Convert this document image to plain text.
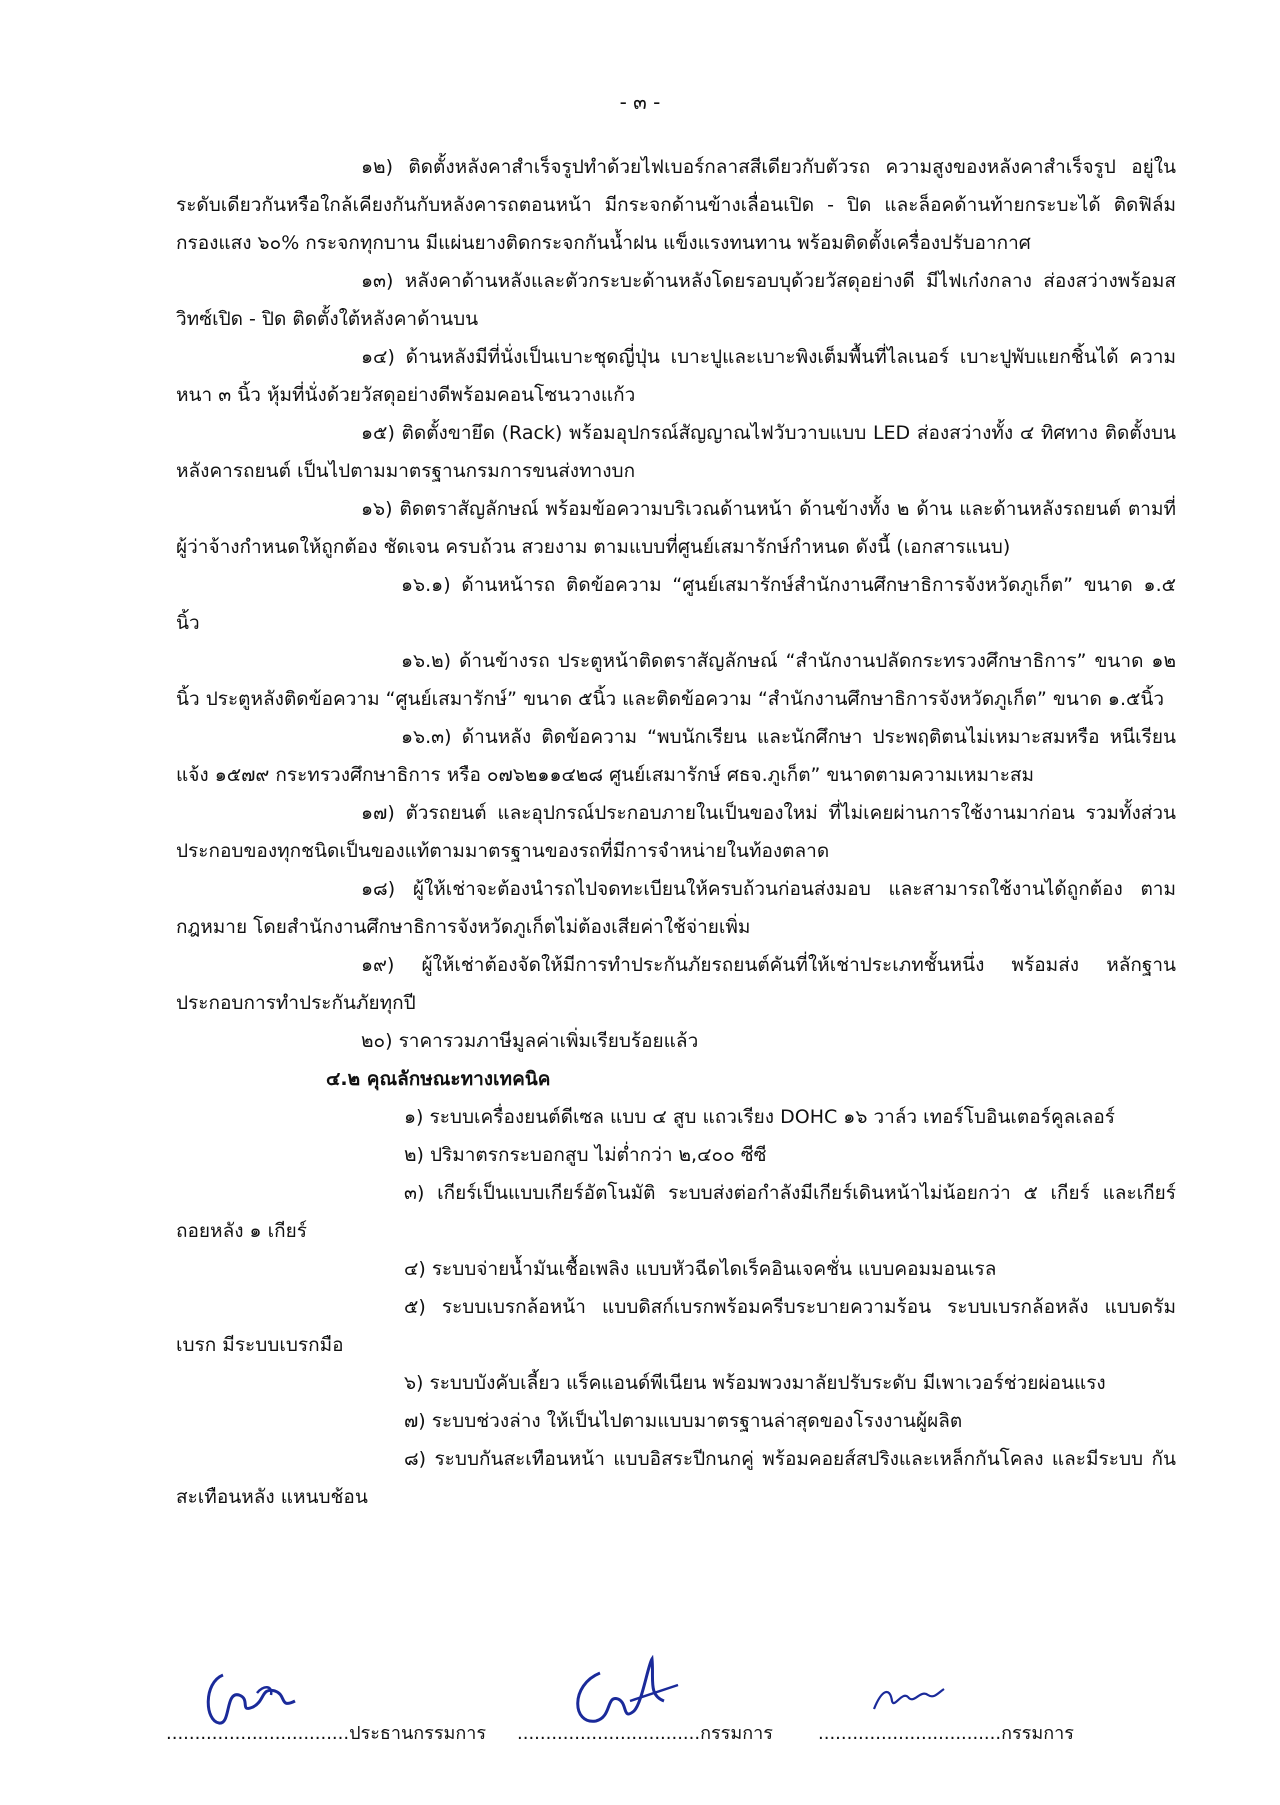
- ๓ -

๑๒) ติดตั้งหลังคาสำเร็จรูปทำด้วยไฟเบอร์กลาสสีเดียวกับตัวรถ ความสูงของหลังคาสำเร็จรูป อยู่ในระดับเดียวกันหรือใกล้เคียงกันกับหลังคารถตอนหน้า มีกระจกด้านข้างเลื่อนเปิด - ปิด และล็อคด้านท้ายกระบะได้ ติดฟิล์มกรองแสง ๖๐% กระจกทุกบาน มีแผ่นยางติดกระจกกันน้ำฝน แข็งแรงทนทาน พร้อมติดตั้งเครื่องปรับอากาศ

๑๓) หลังคาด้านหลังและตัวกระบะด้านหลังโดยรอบบุด้วยวัสดุอย่างดี มีไฟเก๋งกลาง ส่องสว่างพร้อมสวิทซ์เปิด - ปิด ติดตั้งใต้หลังคาด้านบน

๑๔) ด้านหลังมีที่นั่งเป็นเบาะชุดญี่ปุ่น เบาะปูและเบาะพิงเต็มพื้นที่ไลเนอร์ เบาะปูพับแยกชิ้นได้ ความหนา ๓ นิ้ว หุ้มที่นั่งด้วยวัสดุอย่างดีพร้อมคอนโซนวางแก้ว

๑๕) ติดตั้งขายึด (Rack) พร้อมอุปกรณ์สัญญาณไฟวับวาบแบบ LED ส่องสว่างทั้ง ๔ ทิศทาง ติดตั้งบนหลังคารถยนต์ เป็นไปตามมาตรฐานกรมการขนส่งทางบก

๑๖) ติดตราสัญลักษณ์ พร้อมข้อความบริเวณด้านหน้า ด้านข้างทั้ง ๒ ด้าน และด้านหลังรถยนต์ ตามที่ผู้ว่าจ้างกำหนดให้ถูกต้อง ชัดเจน ครบถ้วน สวยงาม ตามแบบที่ศูนย์เสมารักษ์กำหนด ดังนี้ (เอกสารแนบ)

๑๖.๑) ด้านหน้ารถ ติดข้อความ “ศูนย์เสมารักษ์สำนักงานศึกษาธิการจังหวัดภูเก็ต” ขนาด ๑.๕ นิ้ว

๑๖.๒) ด้านข้างรถ ประตูหน้าติดตราสัญลักษณ์ “สำนักงานปลัดกระทรวงศึกษาธิการ” ขนาด ๑๒ นิ้ว ประตูหลังติดข้อความ “ศูนย์เสมารักษ์” ขนาด ๕นิ้ว และติดข้อความ “สำนักงานศึกษาธิการจังหวัดภูเก็ต” ขนาด ๑.๕นิ้ว

๑๖.๓) ด้านหลัง ติดข้อความ “พบนักเรียน และนักศึกษา ประพฤติตนไม่เหมาะสมหรือ หนีเรียน แจ้ง ๑๕๗๙ กระทรวงศึกษาธิการ หรือ ๐๗๖๒๑๑๔๒๘ ศูนย์เสมารักษ์ ศธจ.ภูเก็ต” ขนาดตามความเหมาะสม

๑๗) ตัวรถยนต์ และอุปกรณ์ประกอบภายในเป็นของใหม่ ที่ไม่เคยผ่านการใช้งานมาก่อน รวมทั้งส่วนประกอบของทุกชนิดเป็นของแท้ตามมาตรฐานของรถที่มีการจำหน่ายในท้องตลาด

๑๘) ผู้ให้เช่าจะต้องนำรถไปจดทะเบียนให้ครบถ้วนก่อนส่งมอบ และสามารถใช้งานได้ถูกต้อง ตามกฎหมาย โดยสำนักงานศึกษาธิการจังหวัดภูเก็ตไม่ต้องเสียค่าใช้จ่ายเพิ่ม

๑๙) ผู้ให้เช่าต้องจัดให้มีการทำประกันภัยรถยนต์คันที่ให้เช่าประเภทชั้นหนึ่ง พร้อมส่ง หลักฐานประกอบการทำประกันภัยทุกปี

๒๐) ราคารวมภาษีมูลค่าเพิ่มเรียบร้อยแล้ว

๔.๒ คุณลักษณะทางเทคนิค

๑) ระบบเครื่องยนต์ดีเซล แบบ ๔ สูบ แถวเรียง DOHC ๑๖ วาล์ว เทอร์โบอินเตอร์คูลเลอร์

๒) ปริมาตรกระบอกสูบ ไม่ต่ำกว่า ๒,๔๐๐ ซีซี

๓) เกียร์เป็นแบบเกียร์อัตโนมัติ ระบบส่งต่อกำลังมีเกียร์เดินหน้าไม่น้อยกว่า ๕ เกียร์ และเกียร์ถอยหลัง ๑ เกียร์

๔) ระบบจ่ายน้ำมันเชื้อเพลิง แบบหัวฉีดไดเร็คอินเจคชั่น แบบคอมมอนเรล

๕) ระบบเบรกล้อหน้า แบบดิสก์เบรกพร้อมครีบระบายความร้อน ระบบเบรกล้อหลัง แบบดรัมเบรก มีระบบเบรกมือ

๖) ระบบบังคับเลี้ยว แร็คแอนด์พีเนียน พร้อมพวงมาลัยปรับระดับ มีเพาเวอร์ช่วยผ่อนแรง

๗) ระบบช่วงล่าง ให้เป็นไปตามแบบมาตรฐานล่าสุดของโรงงานผู้ผลิต

๘) ระบบกันสะเทือนหน้า แบบอิสระปีกนกคู่ พร้อมคอยส์สปริงและเหล็กกันโคลง และมีระบบ กันสะเทือนหลัง แหนบช้อน

................................ประธานกรรมการ ................................กรรมการ	................................กรรมการ
